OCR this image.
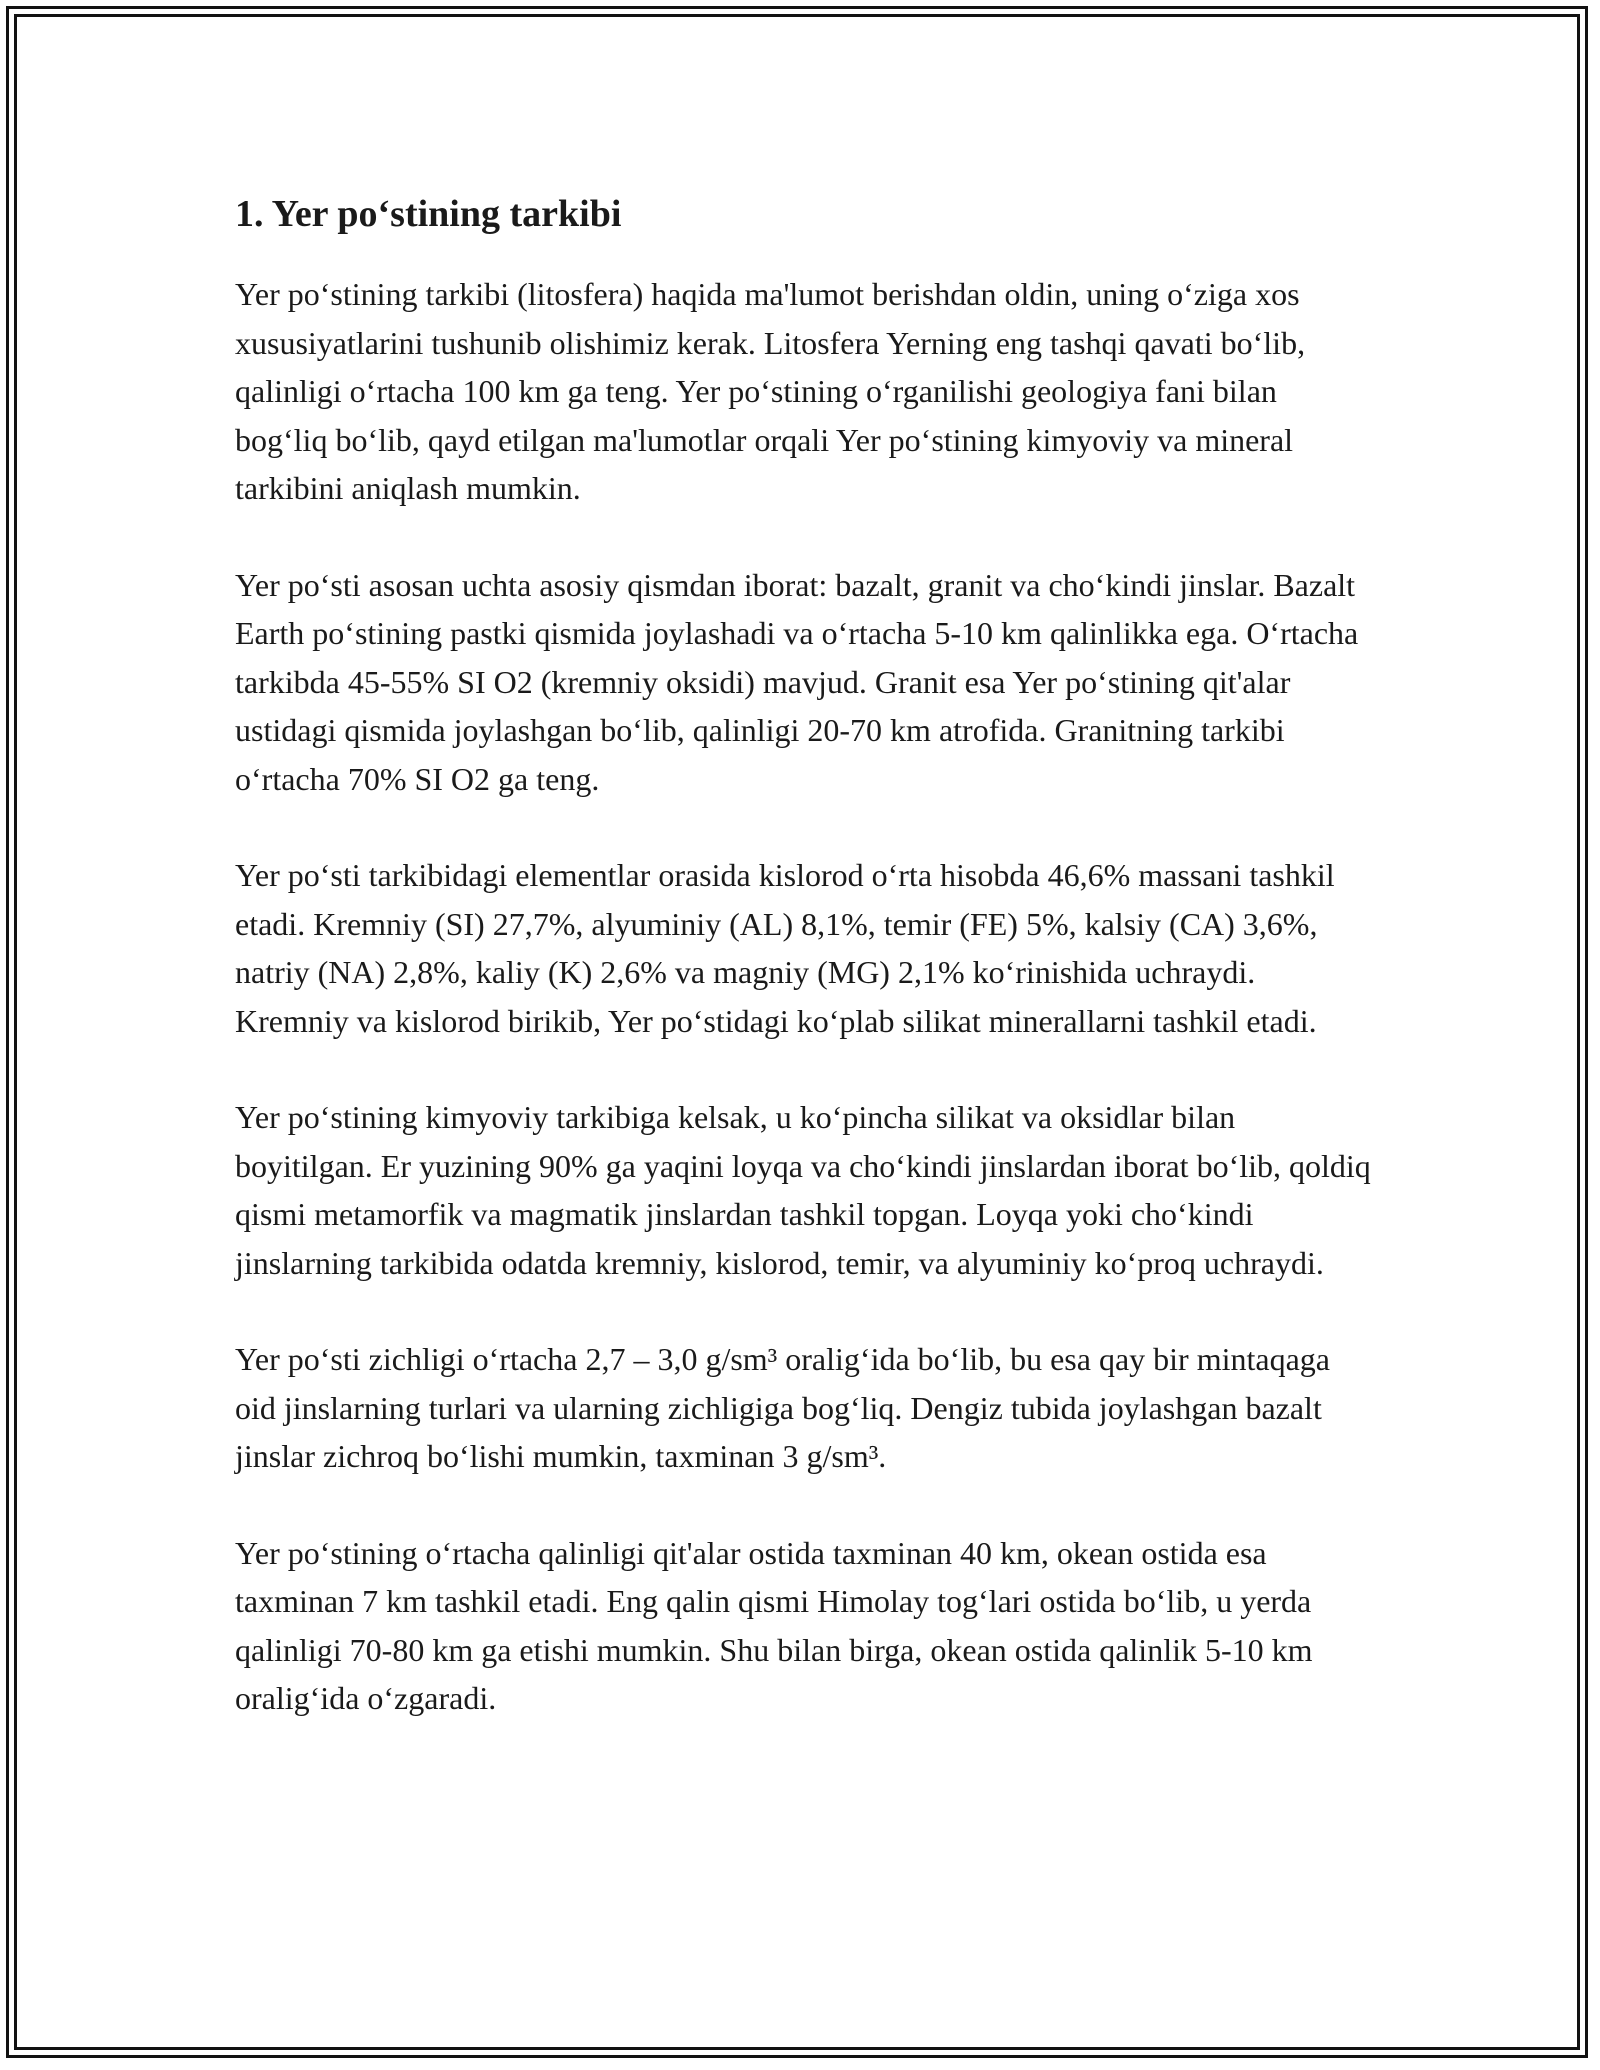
1. Yer po‘stining tarkibi

Yer po‘stining tarkibi (litosfera) haqida ma'lumot berishdan oldin, uning o‘ziga xos xususiyatlarini tushunib olishimiz kerak. Litosfera Yerning eng tashqi qavati bo‘lib, qalinligi o‘rtacha 100 km ga teng. Yer po‘stining o‘rganilishi geologiya fani bilan bog‘liq bo‘lib, qayd etilgan ma'lumotlar orqali Yer po‘stining kimyoviy va mineral tarkibini aniqlash mumkin.

Yer po‘sti asosan uchta asosiy qismdan iborat: bazalt, granit va cho‘kindi jinslar. Bazalt Earth po‘stining pastki qismida joylashadi va o‘rtacha 5-10 km qalinlikka ega. O‘rtacha tarkibda 45-55% SI O2 (kremniy oksidi) mavjud. Granit esa Yer po‘stining qit'alar ustidagi qismida joylashgan bo‘lib, qalinligi 20-70 km atrofida. Granitning tarkibi o‘rtacha 70% SI O2 ga teng.

Yer po‘sti tarkibidagi elementlar orasida kislorod o‘rta hisobda 46,6% massani tashkil etadi. Kremniy (SI) 27,7%, alyuminiy (AL) 8,1%, temir (FE) 5%, kalsiy (CA) 3,6%, natriy (NA) 2,8%, kaliy (K) 2,6% va magniy (MG) 2,1% ko‘rinishida uchraydi. Kremniy va kislorod birikib, Yer po‘stidagi ko‘plab silikat minerallarni tashkil etadi.

Yer po‘stining kimyoviy tarkibiga kelsak, u ko‘pincha silikat va oksidlar bilan boyitilgan. Er yuzining 90% ga yaqini loyqa va cho‘kindi jinslardan iborat bo‘lib, qoldiq qismi metamorfik va magmatik jinslardan tashkil topgan. Loyqa yoki cho‘kindi jinslarning tarkibida odatda kremniy, kislorod, temir, va alyuminiy ko‘proq uchraydi.

Yer po‘sti zichligi o‘rtacha 2,7 – 3,0 g/sm³ oralig‘ida bo‘lib, bu esa qay bir mintaqaga oid jinslarning turlari va ularning zichligiga bog‘liq. Dengiz tubida joylashgan bazalt jinslar zichroq bo‘lishi mumkin, taxminan 3 g/sm³.

Yer po‘stining o‘rtacha qalinligi qit'alar ostida taxminan 40 km, okean ostida esa taxminan 7 km tashkil etadi. Eng qalin qismi Himolay tog‘lari ostida bo‘lib, u yerda qalinligi 70-80 km ga etishi mumkin. Shu bilan birga, okean ostida qalinlik 5-10 km oralig‘ida o‘zgaradi.
